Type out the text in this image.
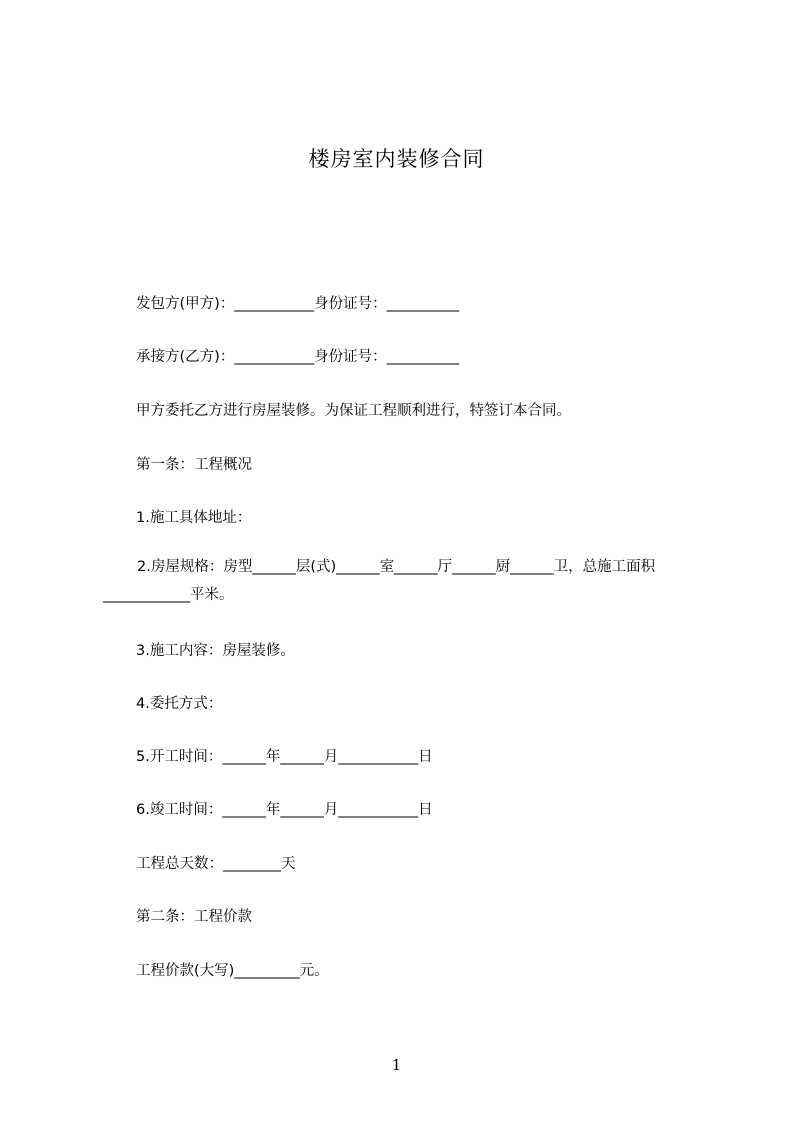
楼房室内装修合同
发包方(甲方)：___________身份证号：__________
承接方(乙方)：___________身份证号：__________
甲方委托乙方进行房屋装修。为保证工程顺利进行，特签订本合同。
第一条：工程概况
1.施工具体地址：
2.房屋规格：房型______层(式)______室______厅______厨______卫，总施工面积____________平米。
3.施工内容：房屋装修。
4.委托方式：
5.开工时间：______年______月___________日
6.竣工时间：______年______月___________日
工程总天数：________天
第二条：工程价款
工程价款(大写)_________元。
1
